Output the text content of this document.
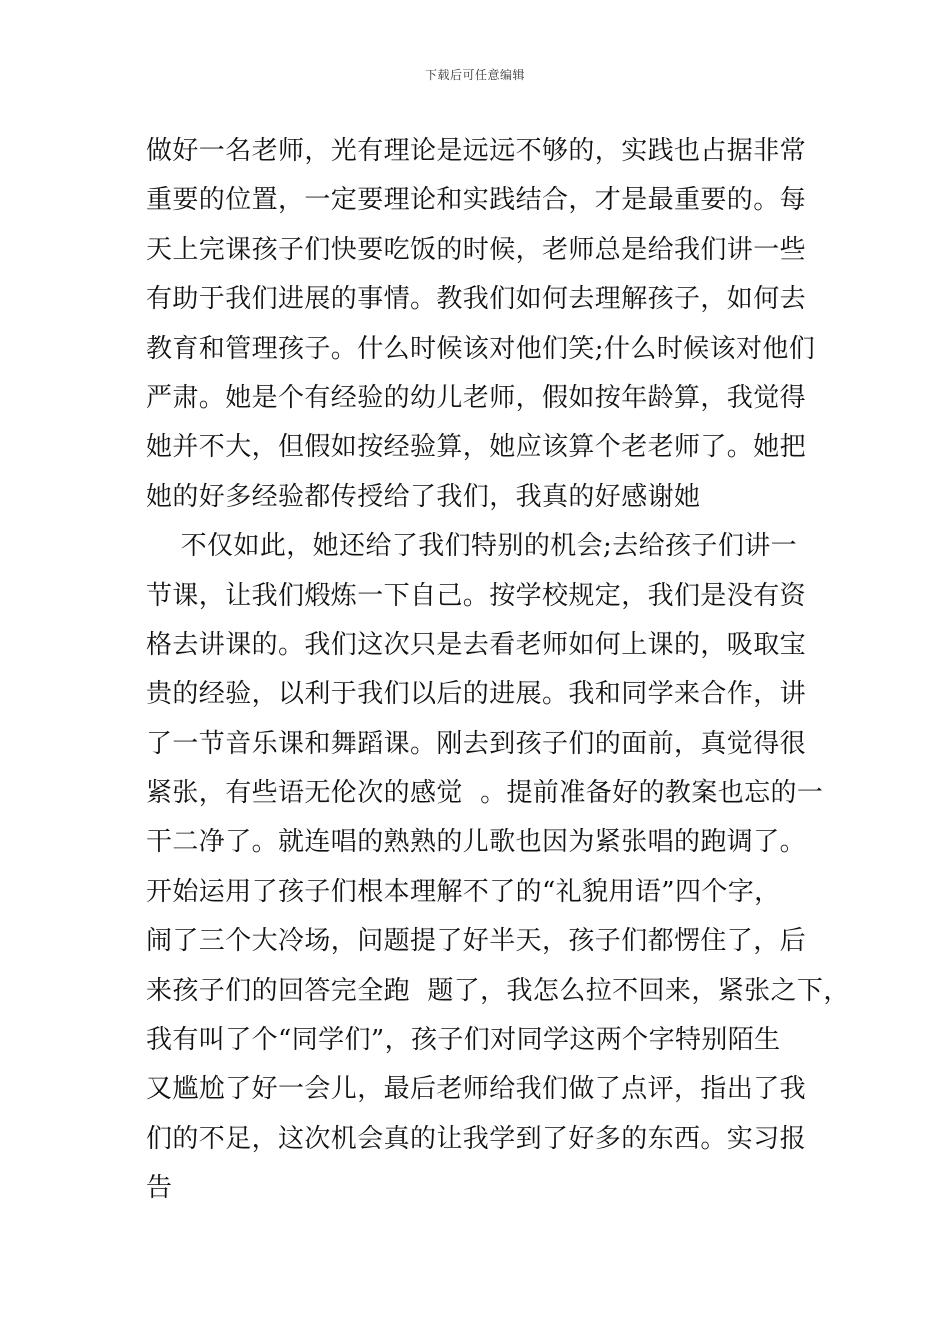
下载后可任意编辑
做好一名老师，光有理论是远远不够的，实践也占据非常
重要的位置，一定要理论和实践结合，才是最重要的。每
天上完课孩子们快要吃饭的时候，老师总是给我们讲一些
有助于我们进展的事情。教我们如何去理解孩子，如何去
教育和管理孩子。什么时候该对他们笑;什么时候该对他们
严肃。她是个有经验的幼儿老师，假如按年龄算，我觉得
她并不大，但假如按经验算，她应该算个老老师了。她把
她的好多经验都传授给了我们，我真的好感谢她
不仅如此，她还给了我们特别的机会;去给孩子们讲一
节课，让我们煅炼一下自己。按学校规定，我们是没有资
格去讲课的。我们这次只是去看老师如何上课的，吸取宝
贵的经验，以利于我们以后的进展。我和同学来合作，讲
了一节音乐课和舞蹈课。刚去到孩子们的面前，真觉得很
紧张，有些语无伦次的感觉  。提前准备好的教案也忘的一
干二净了。就连唱的熟熟的儿歌也因为紧张唱的跑调了。
开始运用了孩子们根本理解不了的“礼貌用语”四个字，
闹了三个大冷场，问题提了好半天，孩子们都愣住了，后
来孩子们的回答完全跑  题了，我怎么拉不回来，紧张之下，
我有叫了个“同学们”，孩子们对同学这两个字特别陌生
又尴尬了好一会儿，最后老师给我们做了点评，指出了我
们的不足，这次机会真的让我学到了好多的东西。实习报
告
